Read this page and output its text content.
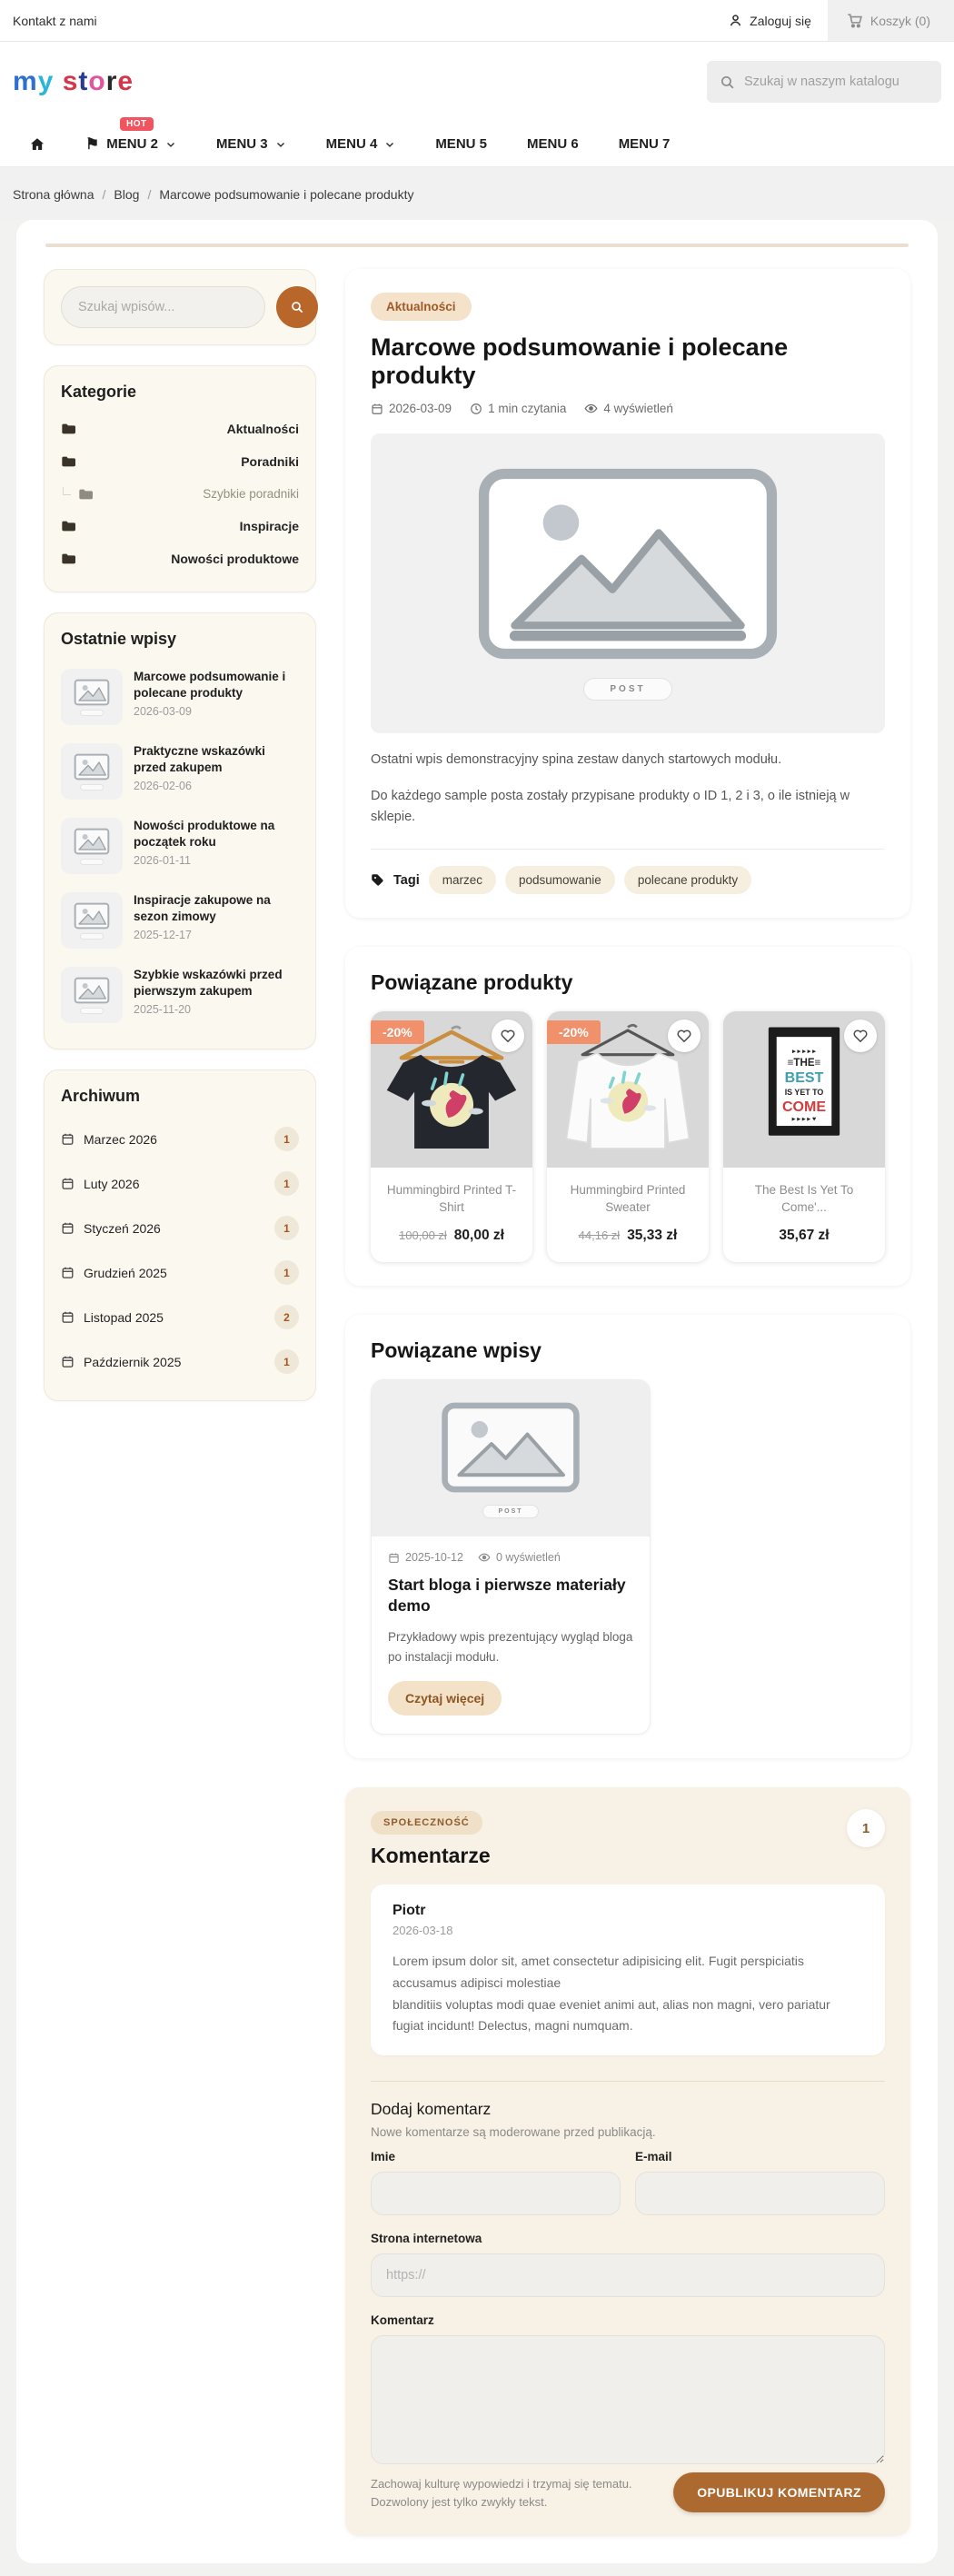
Kontakt z nami	Zaloguj się	Koszyk (0)
my store
Szukaj w naszym katalogu
HOT
⚑ MENU 2	MENU 3	MENU 4	MENU 5	MENU 6	MENU 7
Strona główna / Blog / Marcowe podsumowanie i polecane produkty
Szukaj wpisów...
Kategorie
Aktualności
Poradniki
Szybkie poradniki
Inspiracje
Nowości produktowe
Ostatnie wpisy
Marcowe podsumowanie i polecane produkty
2026-03-09
Praktyczne wskazówki przed zakupem
2026-02-06
Nowości produktowe na początek roku
2026-01-11
Inspiracje zakupowe na sezon zimowy
2025-12-17
Szybkie wskazówki przed pierwszym zakupem
2025-11-20
Archiwum
Marzec 2026	1
Luty 2026	1
Styczeń 2026	1
Grudzień 2025	1
Listopad 2025	2
Październik 2025	1
Aktualności
Marcowe podsumowanie i polecane produkty
2026-03-09	1 min czytania	4 wyświetleń
POST

Ostatni wpis demonstracyjny spina zestaw danych startowych modułu.

Do każdego sample posta zostały przypisane produkty o ID 1, 2 i 3, o ile istnieją w sklepie.

Tagi	marzec	podsumowanie	polecane produkty
Powiązane produkty
-20%
Hummingbird Printed T-Shirt
100,00 zł 80,00 zł
-20%
Hummingbird Printed Sweater
44,16 zł 35,33 zł
▸ ▸ ▸ ▸ ▸
≡THE≡
BEST
IS YET TO
COME
▸ ▸ ▸ ▸ ♥
The Best Is Yet To Come'...
35,67 zł
Powiązane wpisy
POST
2025-10-12	0 wyświetleń
Start bloga i pierwsze materiały demo
Przykładowy wpis prezentujący wygląd bloga po instalacji modułu.
Czytaj więcej
SPOŁECZNOŚĆ
Komentarze
1
Piotr
2026-03-18
Lorem ipsum dolor sit, amet consectetur adipisicing elit. Fugit perspiciatis accusamus adipisci molestiae
blanditiis voluptas modi quae eveniet animi aut, alias non magni, vero pariatur fugiat incidunt! Delectus, magni numquam.
Dodaj komentarz
Nowe komentarze są moderowane przed publikacją.
Imie	E-mail
Strona internetowa
https://
Komentarz
Zachowaj kulturę wypowiedzi i trzymaj się tematu.
Dozwolony jest tylko zwykły tekst.
OPUBLIKUJ KOMENTARZ
